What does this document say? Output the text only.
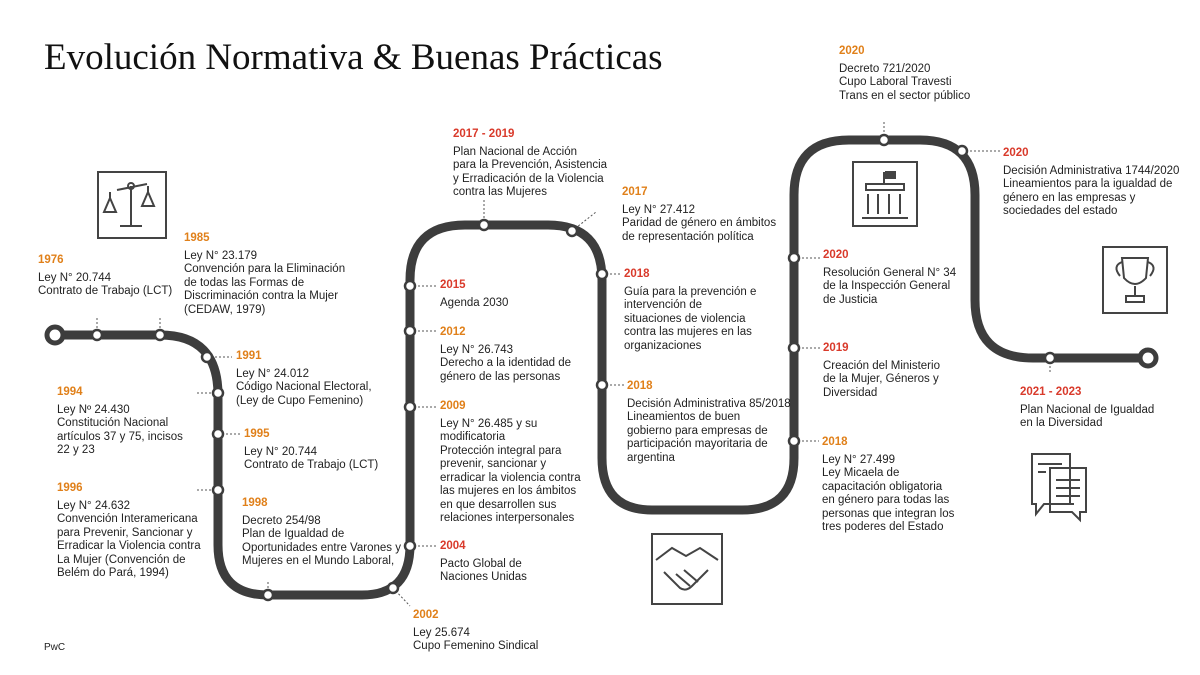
Evolución Normativa & Buenas Prácticas
PwC
1976
Ley N° 20.744
Contrato de Trabajo (LCT)
1985
Ley N° 23.179
Convención para la Eliminación
de todas las Formas de
Discriminación contra la Mujer
(CEDAW, 1979)
1991
Ley N° 24.012
Código Nacional Electoral,
(Ley de Cupo Femenino)
1994
Ley Nº 24.430
Constitución Nacional
artículos 37 y 75, incisos
22 y 23
1995
Ley N° 20.744
Contrato de Trabajo (LCT)
1996
Ley N° 24.632
Convención Interamericana
para Prevenir, Sancionar y
Erradicar la Violencia contra
La Mujer (Convención de
Belém do Pará, 1994)
1998
Decreto 254/98
Plan de Igualdad de
Oportunidades entre Varones y
Mujeres en el Mundo Laboral,
2002
Ley 25.674
Cupo Femenino Sindical
2004
Pacto Global de
Naciones Unidas
2009
Ley N° 26.485 y su
modificatoria
Protección integral para
prevenir, sancionar y
erradicar la violencia contra
las mujeres en los ámbitos
en que desarrollen sus
relaciones interpersonales
2012
Ley N° 26.743
Derecho a la identidad de
género de las personas
2015
Agenda 2030
2017 - 2019
Plan Nacional de Acción
para la Prevención, Asistencia
y Erradicación de la Violencia
contra las Mujeres	2017
Ley N° 27.412
Paridad de género en ámbitos
de representación política
2018
Guía para la prevención e
intervención de
situaciones de violencia
contra las mujeres en las
organizaciones
2018
Decisión Administrativa 85/2018
Lineamientos de buen
gobierno para empresas de
participación mayoritaria de
argentina
2020
Decreto 721/2020
Cupo Laboral Travesti
Trans en el sector público
2020
Resolución General N° 34
de la Inspección General
de Justicia
2019
Creación del Ministerio
de la Mujer, Géneros y
Diversidad
2018
Ley N° 27.499
Ley Micaela de
capacitación obligatoria
en género para todas las
personas que integran los
tres poderes del Estado
2020
Decisión Administrativa 1744/2020
Lineamientos para la igualdad de
género en las empresas y
sociedades del estado
2021 - 2023
Plan Nacional de Igualdad
en la Diversidad
